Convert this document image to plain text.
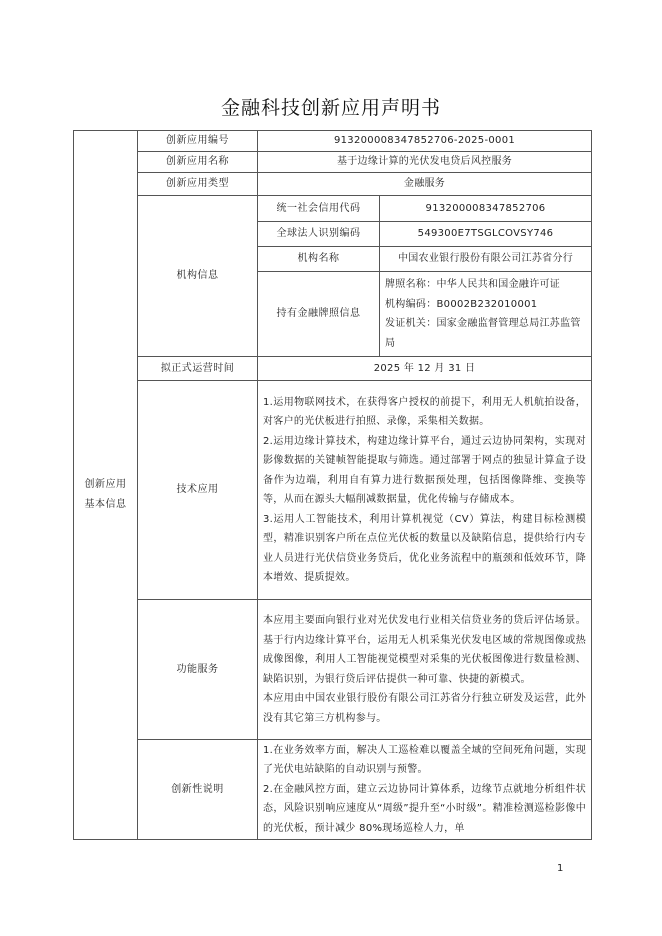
金融科技创新应用声明书

创新应用
基本信息	创新应用编号	913200008347852706-2025-0001	
	创新应用名称	基于边缘计算的光伏发电贷后风控服务	
	创新应用类型	金融服务	
	机构信息	统一社会信用代码	913200008347852706
		全球法人识别编码	549300E7TSGLCOVSY746
		机构名称	中国农业银行股份有限公司江苏省分行
		持有金融牌照信息	牌照名称：中华人民共和国金融许可证
机构编码：B0002B232010001
发证机关：国家金融监督管理总局江苏监管局

	拟正式运营时间	2025 年 12 月 31 日	
	技术应用	1.运用物联网技术，在获得客户授权的前提下，利用无人机航拍设备，对客户的光伏板进行拍照、录像，采集相关数据。
2.运用边缘计算技术，构建边缘计算平台，通过云边协同架构，实现对影像数据的关键帧智能提取与筛选。通过部署于网点的独显计算盒子设备作为边端，利用自有算力进行数据预处理，包括图像降维、变换等等，从而在源头大幅削减数据量，优化传输与存储成本。
3.运用人工智能技术，利用计算机视觉（CV）算法，构建目标检测模型，精准识别客户所在点位光伏板的数量以及缺陷信息，提供给行内专业人员进行光伏信贷业务贷后，优化业务流程中的瓶颈和低效环节，降本增效、提质提效。	

	功能服务	本应用主要面向银行业对光伏发电行业相关信贷业务的贷后评估场景。基于行内边缘计算平台，运用无人机采集光伏发电区域的常规图像或热成像图像，利用人工智能视觉模型对采集的光伏板图像进行数量检测、缺陷识别，为银行贷后评估提供一种可靠、快捷的新模式。
本应用由中国农业银行股份有限公司江苏省分行独立研发及运营，此外没有其它第三方机构参与。	

	创新性说明	1.在业务效率方面，解决人工巡检难以覆盖全域的空间死角问题，实现了光伏电站缺陷的自动识别与预警。
2.在金融风控方面，建立云边协同计算体系，边缘节点就地分析组件状态，风险识别响应速度从“周级”提升至“小时级”。精准检测巡检影像中的光伏板，预计减少 80%现场巡检人力，单	
1
